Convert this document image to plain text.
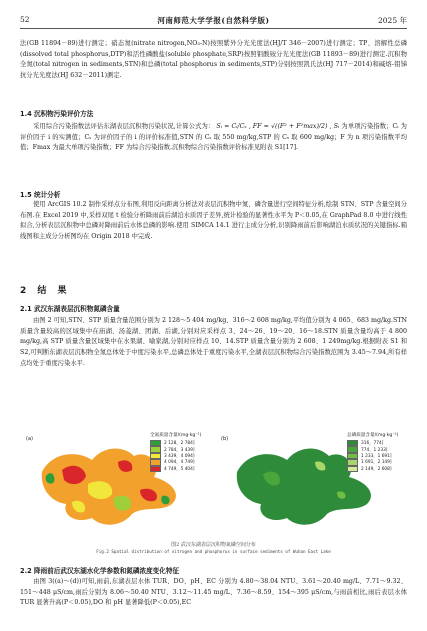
52	河南师范大学学报(自然科学版)	2025 年
法(GB 11894－89)进行测定；硝态氮(nitrate nitrogen,NO₃-N)按照紫外分光光度法(HJ/T 346－2007)进行测定；TP、溶解性总磷(dissolved total phosphorus,DTP)和活性磷酸盐(soluble phosphate,SRP)按照钼酸铵分光光度法(GB 11893－89)进行测定.沉积物全氮(total nitrogen in sediments,STN)和总磷(total phosphorus in sediments,STP)分别按照凯氏法(HJ 717－2014)和碱熔-钼锑抗分光光度法(HJ 632－2011)测定.
1.4 沉积物污染评价方法
采用综合污染指数法评估东湖表层沉积物污染状况,计算公式为： Sᵢ = Cᵢ/Cₛ , FF = √((F² + F²max)/2) , Sᵢ 为单项污染指数；Cᵢ 为评价因子 i 的实测值；Cₛ 为评价因子的 i 的评价标准值,STN 的 Cₛ 取 550 mg/kg,STP 的 Cₛ 取 600 mg/kg；F 为 n 项污染指数平均值；Fmax 为最大单项污染指数；FF 为综合污染指数.沉积物综合污染指数评价标准见附表 S1[17].
1.5 统计分析
使用 ArcGIS 10.2 制作采样点分布图,利用反向距离分析法对表层沉积物中氮、磷含量进行空间特征分析,绘制 STN、STP 含量空间分布图.在 Excel 2019 中,采样双尾 t 检验分析降雨前后湖泊水质因子差异,统计检验的显著性水平为 P＜0.05,在 GraphPad 8.0 中进行线性拟合,分析表层沉积物中总磷对降雨前后水体总磷的影响.使用 SIMCA 14.1 进行主成分分析,识别降雨前后影响湖泊水质状况的关键指标.箱线图和主成分分析图均在 Origin 2018 中完成.
2 结 果
2.1 武汉东湖表层沉积物氮磷含量
由图 2 可知,STN、STP 质量含量范围分别为 2 128～5 404 mg/kg、316～2 608 mg/kg,平均值分别为 4 065、683 mg/kg.STN 质量含量较高的区域集中在庙湖、汤菱湖、团湖、后湖,分别对应采样点 3、24～26、19～20、16～18.STN 质量含量均高于 4 800 mg/kg,高 STP 质量含量区域集中在水果湖、喻家湖,分别对应样点 10、14.STP 质量含量分别为 2 608、1 249mg/kg.根据附表 S1 和 S2,可判断东湖表层沉积物全氮总体处于中度污染水平,总磷总体处于重度污染水平,全湖表层沉积物综合污染指数范围为 3.45～7.94,所有样点均处于重度污染水平.
(a)
全氮质量含量/(mg·kg⁻¹)
2 128，2 784]
2 784，3 439]
3 439，4 094]
4 094，4 749]
4 749，5 404]
(b)
总磷质量含量/(mg·kg⁻¹)
316，774]
774，1 233]
1 233，1 691]
1 691，2 149]
2 149，2 608]
图2 武汉东湖表层沉积物氮磷空间分布
Fig.2 Spatial distribution of nitrogen and phosphorus in surface sediments of Wuhan East Lake
2.2 降雨前后武汉东湖水化学参数和氮磷浓度变化特征
由图 3((a)～(d))可知,雨前,东湖表层水体 TUR、DO、pH、EC 分别为 4.80～38.04 NTU、3.61～20.40 mg/L、7.71～9.32、151～448 μS/cm,雨后分别为 8.06～50.40 NTU、3.12～11.45 mg/L、7.36～8.59、154～395 μS/cm,与雨前相比,雨后表层水体 TUR 显著升高(P＜0.05),DO 和 pH 显著降低(P＜0.05),EC
